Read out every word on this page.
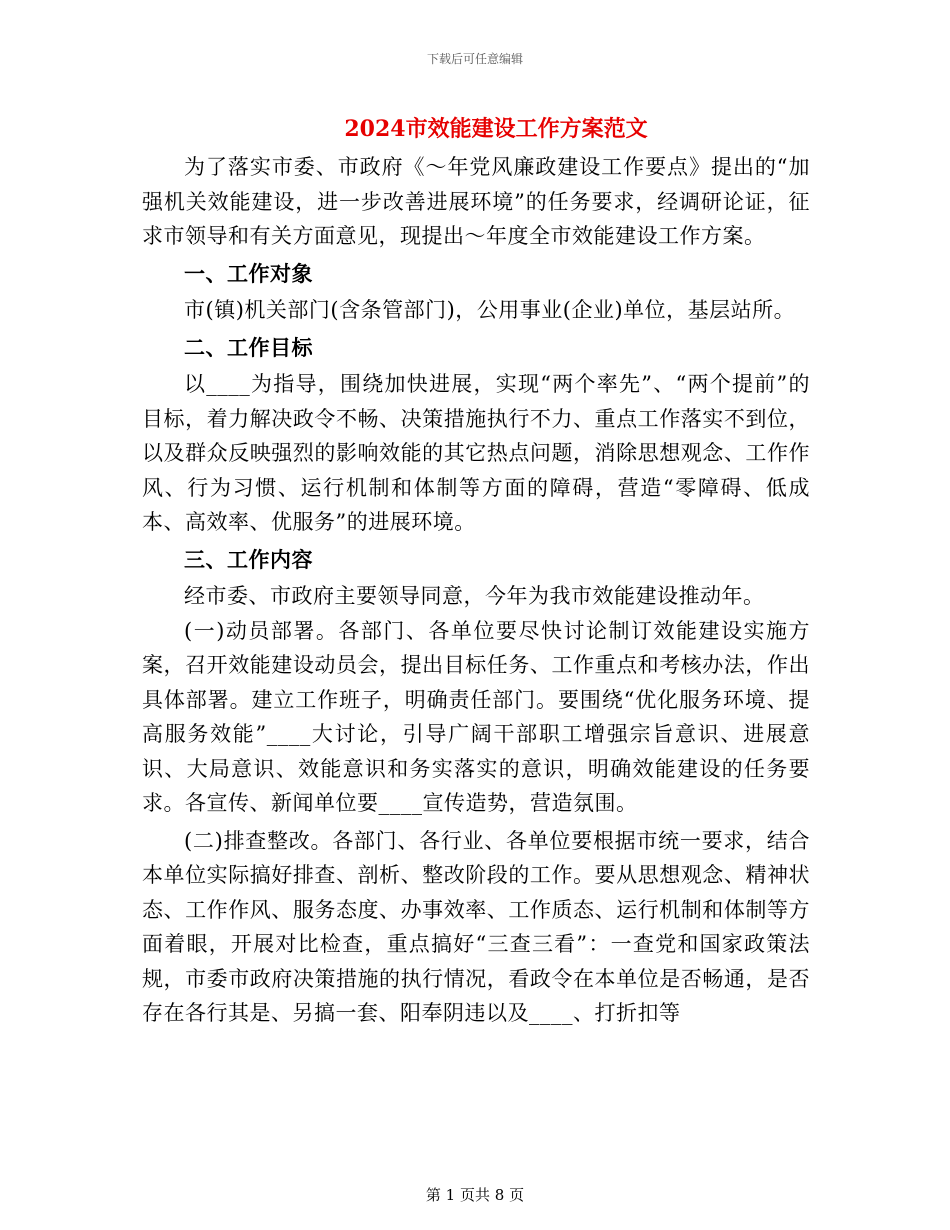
下载后可任意编辑
2024市效能建设工作方案范文

为了落实市委、市政府《～年党风廉政建设工作要点》提出的“加强机关效能建设，进一步改善进展环境”的任务要求，经调研论证，征求市领导和有关方面意见，现提出～年度全市效能建设工作方案。

一、工作对象

市(镇)机关部门(含条管部门)，公用事业(企业)单位，基层站所。

二、工作目标

以____为指导，围绕加快进展，实现“两个率先”、“两个提前”的目标，着力解决政令不畅、决策措施执行不力、重点工作落实不到位，以及群众反映强烈的影响效能的其它热点问题，消除思想观念、工作作风、行为习惯、运行机制和体制等方面的障碍，营造“零障碍、低成本、高效率、优服务”的进展环境。

三、工作内容

经市委、市政府主要领导同意，今年为我市效能建设推动年。

(一)动员部署。各部门、各单位要尽快讨论制订效能建设实施方案，召开效能建设动员会，提出目标任务、工作重点和考核办法，作出具体部署。建立工作班子，明确责任部门。要围绕“优化服务环境、提高服务效能”____大讨论，引导广阔干部职工增强宗旨意识、进展意识、大局意识、效能意识和务实落实的意识，明确效能建设的任务要求。各宣传、新闻单位要____宣传造势，营造氛围。

(二)排查整改。各部门、各行业、各单位要根据市统一要求，结合本单位实际搞好排查、剖析、整改阶段的工作。要从思想观念、精神状态、工作作风、服务态度、办事效率、工作质态、运行机制和体制等方面着眼，开展对比检查，重点搞好“三查三看”：一查党和国家政策法规，市委市政府决策措施的执行情况，看政令在本单位是否畅通，是否存在各行其是、另搞一套、阳奉阴违以及____、打折扣等

第 1 页共 8 页
